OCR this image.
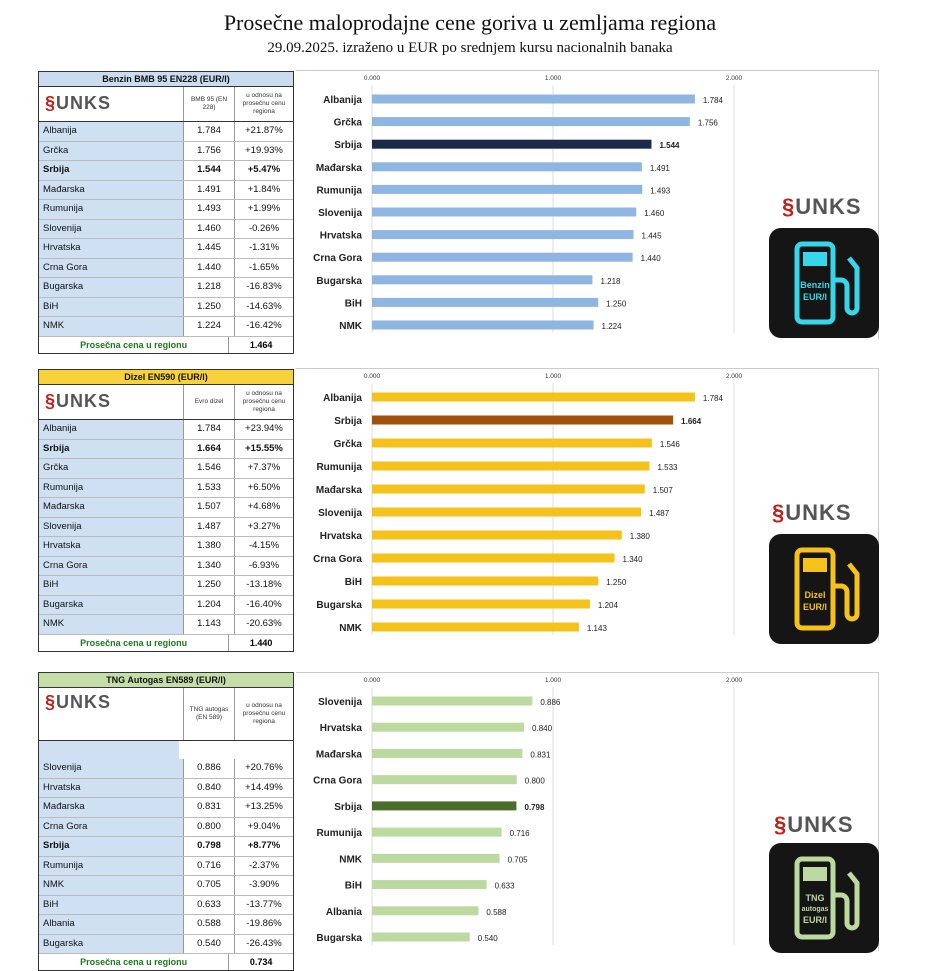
Prosečne maloprodajne cene goriva u zemljama regiona
29.09.2025. izraženo u EUR po srednjem kursu nacionalnih banaka
Benzin BMB 95 EN228 (EUR/l)
§UNKS	BMB 95 (EN 228)
u odnosu na prosečnu cenu regiona
Albanija	1.784	+21.87%
Grčka	1.756	+19.93%
Srbija	1.544	+5.47%
Mađarska	1.491	+1.84%
Rumunija	1.493	+1.99%
Slovenija	1.460	-0.26%
Hrvatska	1.445	-1.31%
Crna Gora	1.440	-1.65%
Bugarska	1.218	-16.83%
BiH	1.250	-14.63%
NMK	1.224	-16.42%
Prosečna cena u regionu	1.464
0.000	1.000	2.000
Albanija	1.784
Grčka	1.756
Srbija	1.544
Mađarska	1.491
Rumunija	1.493
Slovenija	1.460
Hrvatska	1.445
Crna Gora	1.440
Bugarska	1.218
BiH	1.250
NMK	1.224
§UNKS
Benzin
EUR/l
Dizel EN590 (EUR/l)
§UNKS	Evro dizel
u odnosu na prosečnu cenu regiona
Albanija	1.784	+23.94%
Srbija	1.664	+15.55%
Grčka	1.546	+7.37%
Rumunija	1.533	+6.50%
Mađarska	1.507	+4.68%
Slovenija	1.487	+3.27%
Hrvatska	1.380	-4.15%
Crna Gora	1.340	-6.93%
BiH	1.250	-13.18%
Bugarska	1.204	-16.40%
NMK	1.143	-20.63%
Prosečna cena u regionu	1.440
0.000	1.000	2.000
Albanija	1.784
Srbija	1.664
Grčka	1.546
Rumunija	1.533
Mađarska	1.507
Slovenija	1.487
Hrvatska	1.380
Crna Gora	1.340
BiH	1.250
Bugarska	1.204
NMK	1.143
§UNKS
Dizel
EUR/l
TNG Autogas EN589 (EUR/l)
§UNKS	TNG autogas (EN 589)
u odnosu na prosečnu cenu regiona
Slovenija	0.886	+20.76%
Hrvatska	0.840	+14.49%
Mađarska	0.831	+13.25%
Crna Gora	0.800	+9.04%
Srbija	0.798	+8.77%
Rumunija	0.716	-2.37%
NMK	0.705	-3.90%
BiH	0.633	-13.77%
Albania	0.588	-19.86%
Bugarska	0.540	-26.43%
Prosečna cena u regionu	0.734
0.000	1.000	2.000
Slovenija	0.886
Hrvatska	0.840
Mađarska	0.831
Crna Gora	0.800
Srbija	0.798
Rumunija	0.716
NMK	0.705
BiH	0.633
Albania	0.588
Bugarska	0.540
§UNKS
TNG
autogas
EUR/l
